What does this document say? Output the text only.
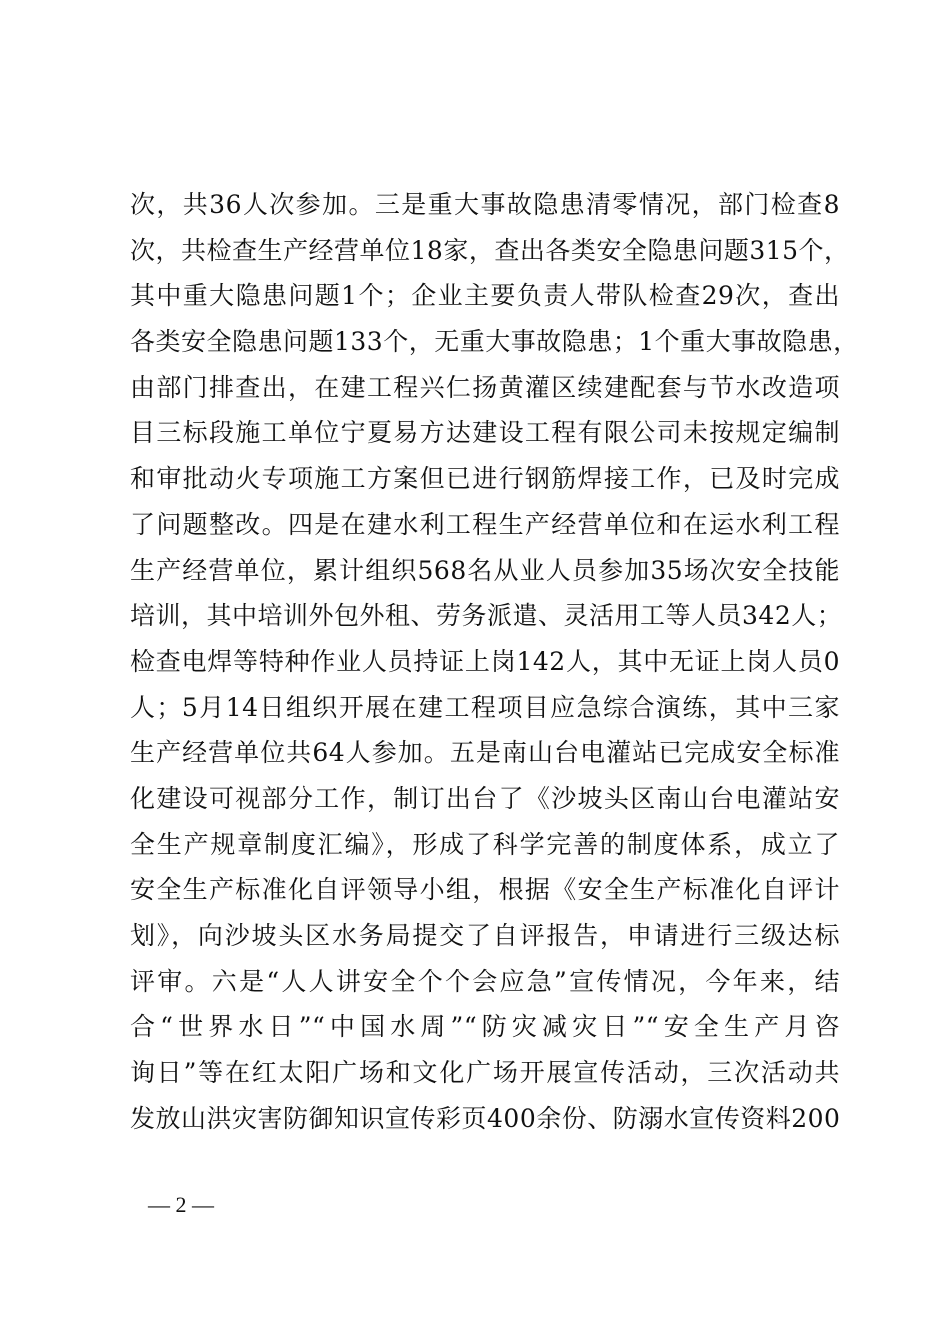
次，共36人次参加。三是重大事故隐患清零情况，部门检查8
次，共检查生产经营单位18家，查出各类安全隐患问题315个，
其中重大隐患问题1个；企业主要负责人带队检查29次，查出
各类安全隐患问题133个，无重大事故隐患；1个重大事故隐患，
由部门排查出，在建工程兴仁扬黄灌区续建配套与节水改造项
目三标段施工单位宁夏易方达建设工程有限公司未按规定编制
和审批动火专项施工方案但已进行钢筋焊接工作，已及时完成
了问题整改。四是在建水利工程生产经营单位和在运水利工程
生产经营单位，累计组织568名从业人员参加35场次安全技能
培训，其中培训外包外租、劳务派遣、灵活用工等人员342人；
检查电焊等特种作业人员持证上岗142人，其中无证上岗人员0
人；5月14日组织开展在建工程项目应急综合演练，其中三家
生产经营单位共64人参加。五是南山台电灌站已完成安全标准
化建设可视部分工作，制订出台了《沙坡头区南山台电灌站安
全生产规章制度汇编》，形成了科学完善的制度体系，成立了
安全生产标准化自评领导小组，根据《安全生产标准化自评计
划》，向沙坡头区水务局提交了自评报告，申请进行三级达标
评审。六是“人人讲安全个个会应急”宣传情况，今年来，结
合“世界水日”“中国水周”“防灾减灾日”“安全生产月咨
询日”等在红太阳广场和文化广场开展宣传活动，三次活动共
发放山洪灾害防御知识宣传彩页400余份、防溺水宣传资料200
— 2 —
